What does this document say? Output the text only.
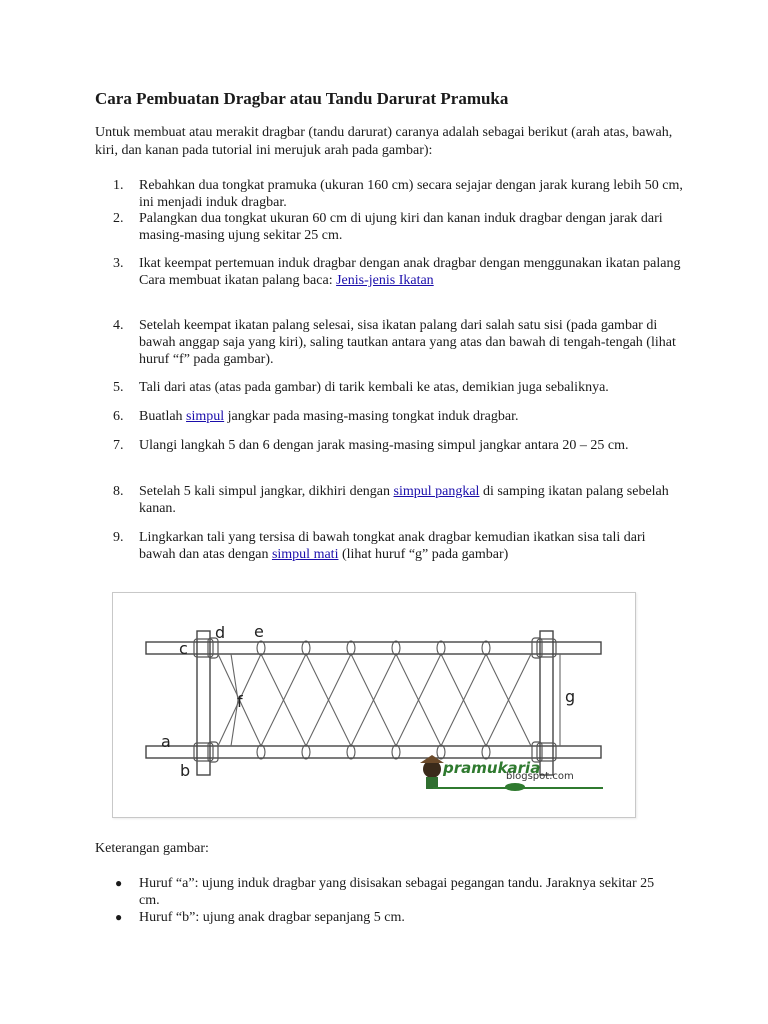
Cara Pembuatan Dragbar atau Tandu Darurat Pramuka

Untuk membuat atau merakit dragbar (tandu darurat) caranya adalah sebagai berikut (arah atas, bawah, kiri, dan kanan pada tutorial ini merujuk arah pada gambar):

1.	Rebahkan dua tongkat pramuka (ukuran 160 cm) secara sejajar dengan jarak kurang lebih 50 cm, ini menjadi induk dragbar.
2.	Palangkan dua tongkat ukuran 60 cm di ujung kiri dan kanan induk dragbar dengan jarak dari masing-masing ujung sekitar 25 cm.
3.	Ikat keempat pertemuan induk dragbar dengan anak dragbar dengan menggunakan ikatan palang
Cara membuat ikatan palang baca: Jenis-jenis Ikatan
4.	Setelah keempat ikatan palang selesai, sisa ikatan palang dari salah satu sisi (pada gambar di bawah anggap saja yang kiri), saling tautkan antara yang atas dan bawah di tengah-tengah (lihat huruf “f” pada gambar).
5.	Tali dari atas (atas pada gambar) di tarik kembali ke atas, demikian juga sebaliknya.
6.	Buatlah simpul jangkar pada masing-masing tongkat induk dragbar.
7.	Ulangi langkah 5 dan 6 dengan jarak masing-masing simpul jangkar antara 20 – 25 cm.
8.	Setelah 5 kali simpul jangkar, dikhiri dengan simpul pangkal di samping ikatan palang sebelah kanan.
9.	Lingkarkan tali yang tersisa di bawah tongkat anak dragbar kemudian ikatkan sisa tali dari bawah dan atas dengan simpul mati (lihat huruf “g” pada gambar)
a
b
c
d e
f	g
pramukaria
blogspot.com

Keterangan gambar:

● Huruf “a”: ujung induk dragbar yang disisakan sebagai pegangan tandu. Jaraknya sekitar 25 cm.
● Huruf “b”: ujung anak dragbar sepanjang 5 cm.
